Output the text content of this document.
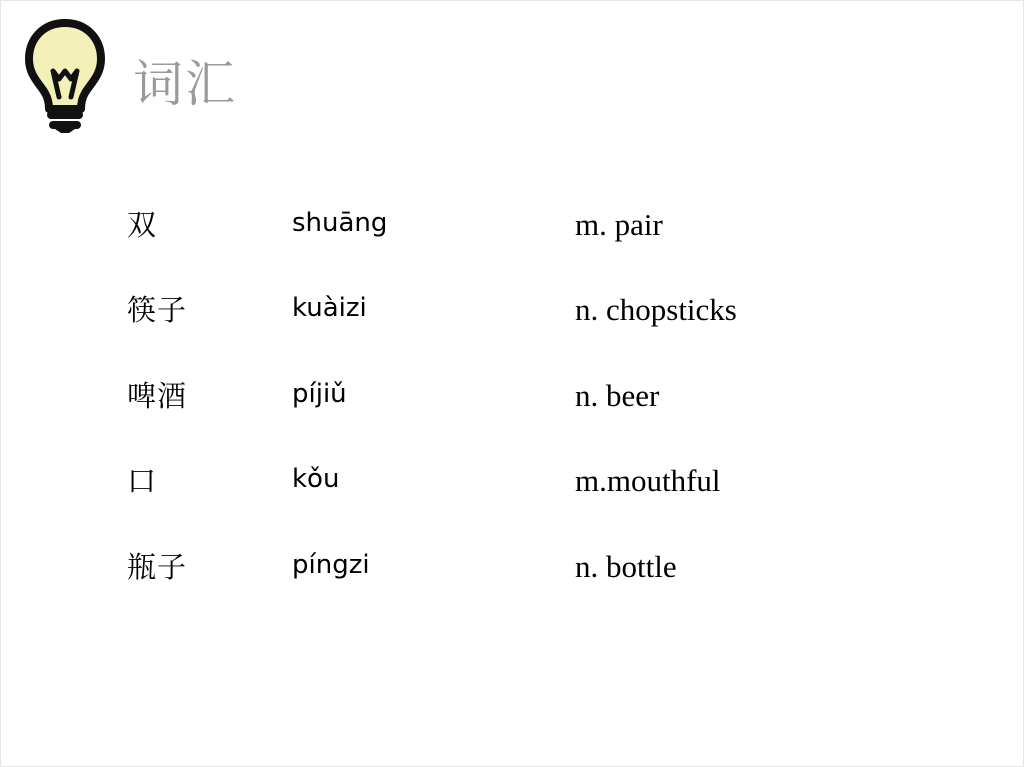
词汇
双	shuāng	m. pair
筷子	kuàizi	n. chopsticks
啤酒	píjiǔ	n. beer
口	kǒu	m.mouthful
瓶子	píngzi	n. bottle
